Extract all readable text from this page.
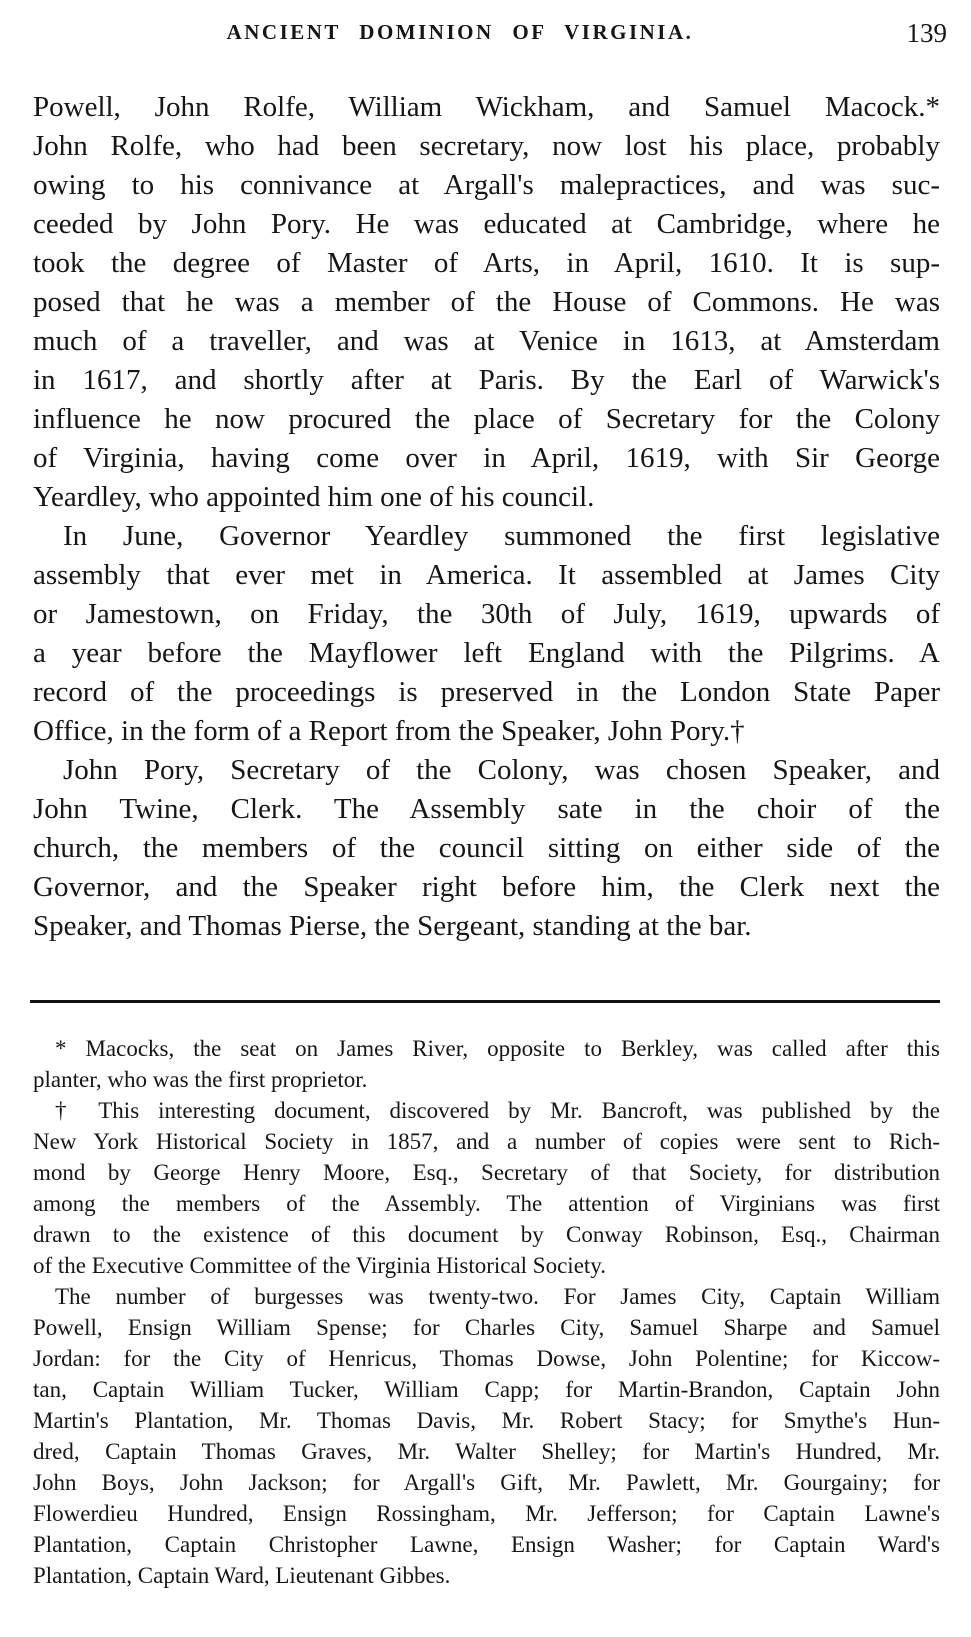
ANCIENT DOMINION OF VIRGINIA.	139
Powell, John Rolfe, William Wickham, and Samuel Macock.*
John Rolfe, who had been secretary, now lost his place, probably
owing to his connivance at Argall's malepractices, and was suc-
ceeded by John Pory. He was educated at Cambridge, where he
took the degree of Master of Arts, in April, 1610. It is sup-
posed that he was a member of the House of Commons. He was
much of a traveller, and was at Venice in 1613, at Amsterdam
in 1617, and shortly after at Paris. By the Earl of Warwick's
influence he now procured the place of Secretary for the Colony
of Virginia, having come over in April, 1619, with Sir George
Yeardley, who appointed him one of his council.
In June, Governor Yeardley summoned the first legislative
assembly that ever met in America. It assembled at James City
or Jamestown, on Friday, the 30th of July, 1619, upwards of
a year before the Mayflower left England with the Pilgrims. A
record of the proceedings is preserved in the London State Paper
Office, in the form of a Report from the Speaker, John Pory.†
John Pory, Secretary of the Colony, was chosen Speaker, and
John Twine, Clerk. The Assembly sate in the choir of the
church, the members of the council sitting on either side of the
Governor, and the Speaker right before him, the Clerk next the
Speaker, and Thomas Pierse, the Sergeant, standing at the bar.
* Macocks, the seat on James River, opposite to Berkley, was called after this
planter, who was the first proprietor.
† This interesting document, discovered by Mr. Bancroft, was published by the
New York Historical Society in 1857, and a number of copies were sent to Rich-
mond by George Henry Moore, Esq., Secretary of that Society, for distribution
among the members of the Assembly. The attention of Virginians was first
drawn to the existence of this document by Conway Robinson, Esq., Chairman
of the Executive Committee of the Virginia Historical Society.
The number of burgesses was twenty-two. For James City, Captain William
Powell, Ensign William Spense; for Charles City, Samuel Sharpe and Samuel
Jordan: for the City of Henricus, Thomas Dowse, John Polentine; for Kiccow-
tan, Captain William Tucker, William Capp; for Martin-Brandon, Captain John
Martin's Plantation, Mr. Thomas Davis, Mr. Robert Stacy; for Smythe's Hun-
dred, Captain Thomas Graves, Mr. Walter Shelley; for Martin's Hundred, Mr.
John Boys, John Jackson; for Argall's Gift, Mr. Pawlett, Mr. Gourgainy; for
Flowerdieu Hundred, Ensign Rossingham, Mr. Jefferson; for Captain Lawne's
Plantation, Captain Christopher Lawne, Ensign Washer; for Captain Ward's
Plantation, Captain Ward, Lieutenant Gibbes.
